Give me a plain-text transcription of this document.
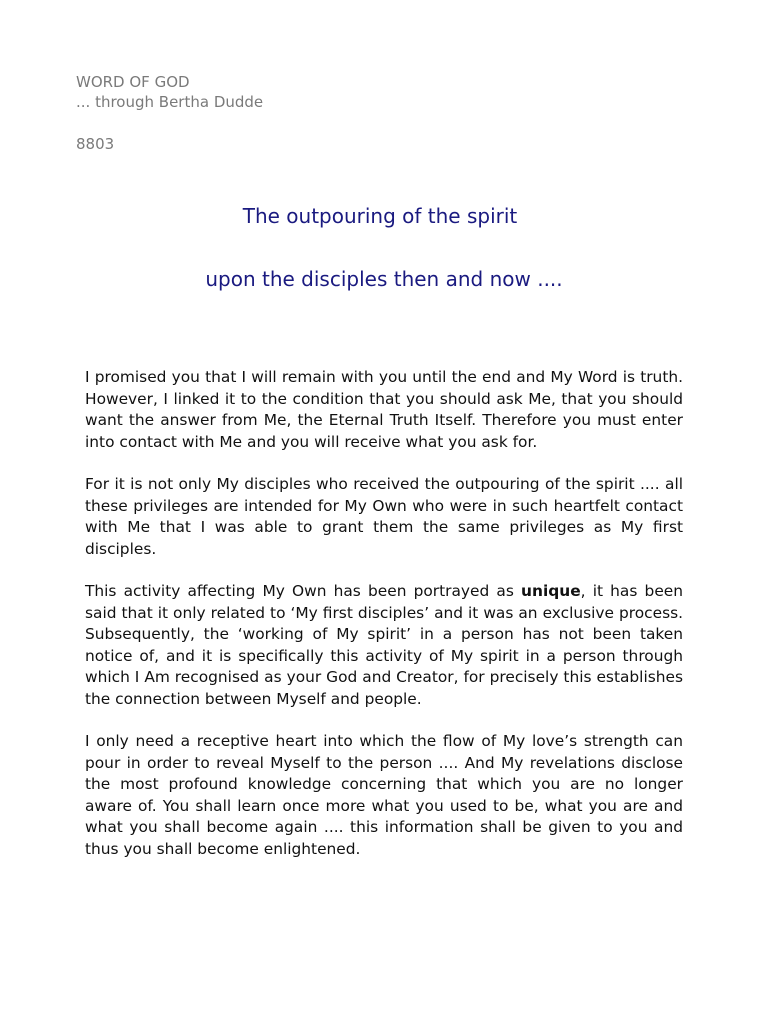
WORD OF GOD
... through Bertha Dudde
8803
The outpouring of the spirit
upon the disciples then and now ....

I promised you that I will remain with you until the end and My Word is truth. However, I linked it to the condition that you should ask Me, that you should want the answer from Me, the Eternal Truth Itself. Therefore you must enter into contact with Me and you will receive what you ask for.

For it is not only My disciples who received the outpouring of the spirit .... all these privileges are intended for My Own who were in such heartfelt contact with Me that I was able to grant them the same privileges as My first disciples.

This activity affecting My Own has been portrayed as unique, it has been said that it only related to ‘My first disciples’ and it was an exclusive process. Subsequently, the ‘working of My spirit’ in a person has not been taken notice of, and it is specifically this activity of My spirit in a person through which I Am recognised as your God and Creator, for precisely this establishes the connection between Myself and people.

I only need a receptive heart into which the flow of My love’s strength can pour in order to reveal Myself to the person .... And My revelations disclose the most profound knowledge concerning that which you are no longer aware of. You shall learn once more what you used to be, what you are and what you shall become again .... this information shall be given to you and thus you shall become enlightened.
